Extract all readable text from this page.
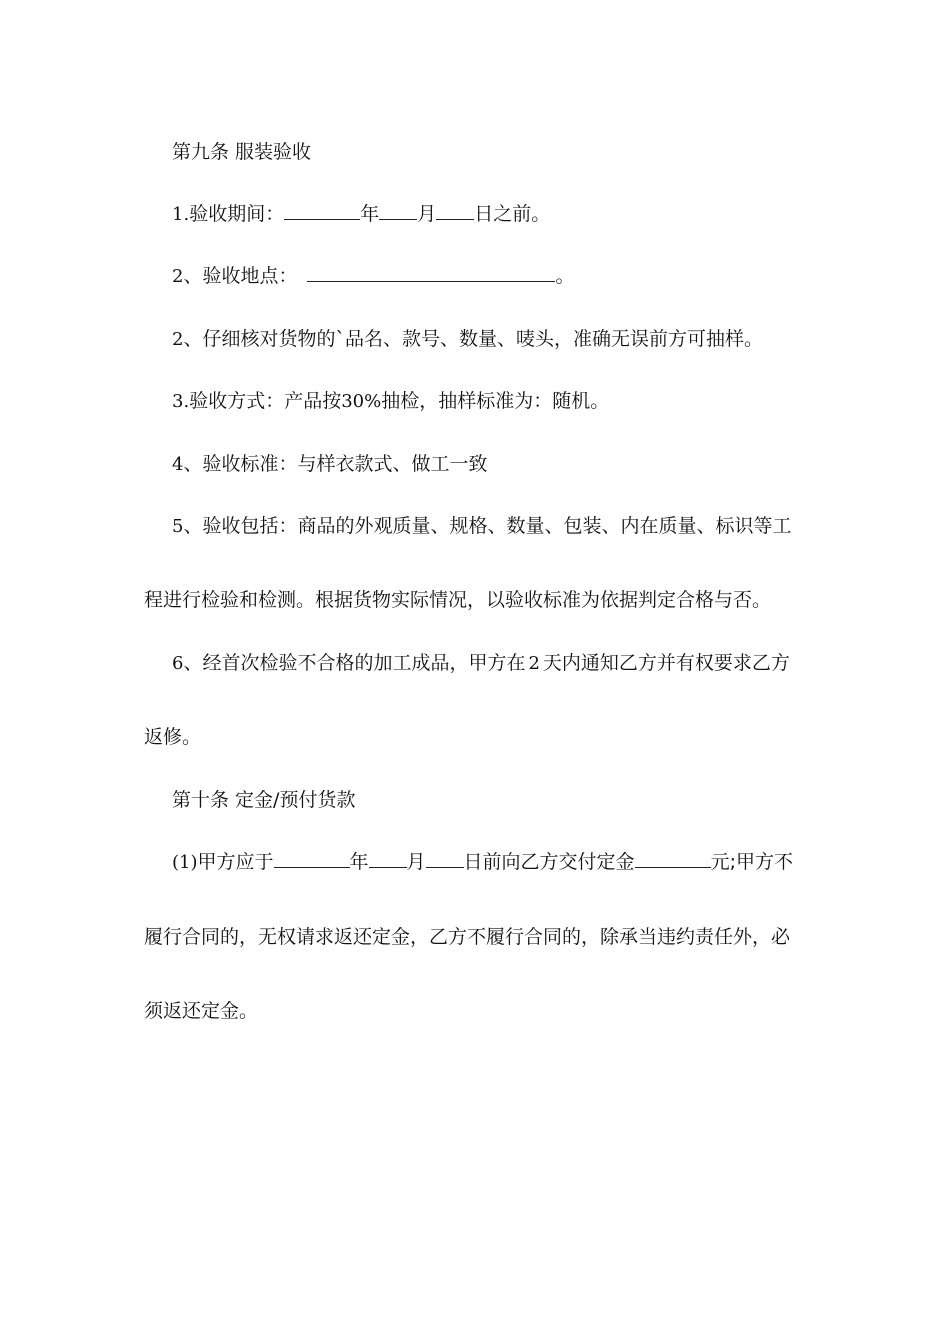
第九条 服装验收
1.验收期间：	年 月 日之前。
2、验收地点：	。
2、仔细核对货物的`品名、款号、数量、唛头，准确无误前方可抽样。
3.验收方式：产品按30%抽检，抽样标准为：随机。
4、验收标准：与样衣款式、做工一致
5、验收包括：商品的外观质量、规格、数量、包装、内在质量、标识等工
程进行检验和检测。根据货物实际情况，以验收标准为依据判定合格与否。
6、经首次检验不合格的加工成品，甲方在 2 天内通知乙方并有权要求乙方
返修。
第十条 定金/预付货款
(1)甲方应于	年 月 日前向乙方交付定金	元;甲方不
履行合同的，无权请求返还定金，乙方不履行合同的，除承当违约责任外，必
须返还定金。
